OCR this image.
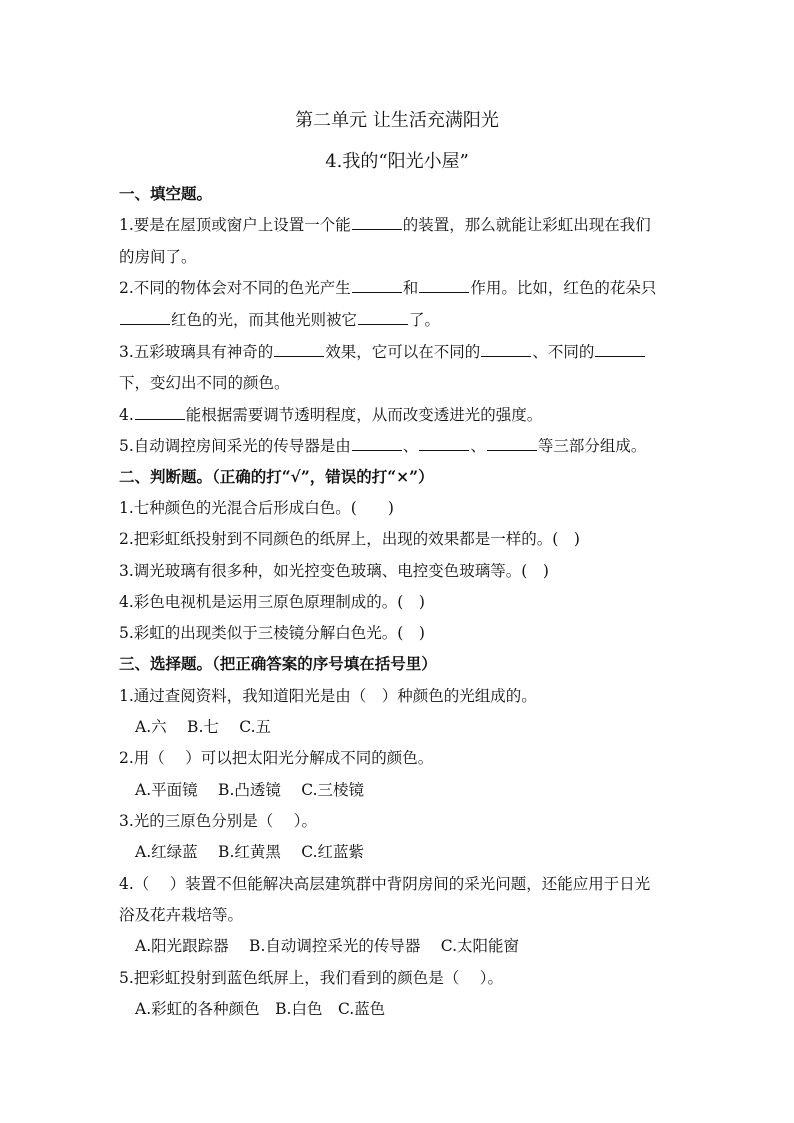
第二单元 让生活充满阳光
4.我的“阳光小屋”
一、填空题。
1.要是在屋顶或窗户上设置一个能	的装置，那么就能让彩虹出现在我们
的房间了。
2.不同的物体会对不同的色光产生	和	作用。比如，红色的花朵只
红色的光，而其他光则被它	了。
3.五彩玻璃具有神奇的	效果，它可以在不同的	、不同的
下，变幻出不同的颜色。
4.	能根据需要调节透明程度，从而改变透进光的强度。
5.自动调控房间采光的传导器是由	、	、	等三部分组成。
二、判断题。（正确的打“√”，错误的打“×”）
1.七种颜色的光混合后形成白色。(　　)
2.把彩虹纸投射到不同颜色的纸屏上，出现的效果都是一样的。(　)
3.调光玻璃有很多种，如光控变色玻璃、电控变色玻璃等。(　)
4.彩色电视机是运用三原色原理制成的。(　)
5.彩虹的出现类似于三棱镜分解白色光。(　)
三、选择题。（把正确答案的序号填在括号里）
1.通过查阅资料，我知道阳光是由（　）种颜色的光组成的。
A.六　 B.七　 C.五
2.用（　 ）可以把太阳光分解成不同的颜色。
A.平面镜　 B.凸透镜　 C.三棱镜
3.光的三原色分别是（　 ）。
A.红绿蓝　 B.红黄黑　 C.红蓝紫
4.（　 ）装置不但能解决高层建筑群中背阴房间的采光问题，还能应用于日光
浴及花卉栽培等。
A.阳光跟踪器　 B.自动调控采光的传导器　 C.太阳能窗
5.把彩虹投射到蓝色纸屏上，我们看到的颜色是（　 ）。
A.彩虹的各种颜色　B.白色　C.蓝色
